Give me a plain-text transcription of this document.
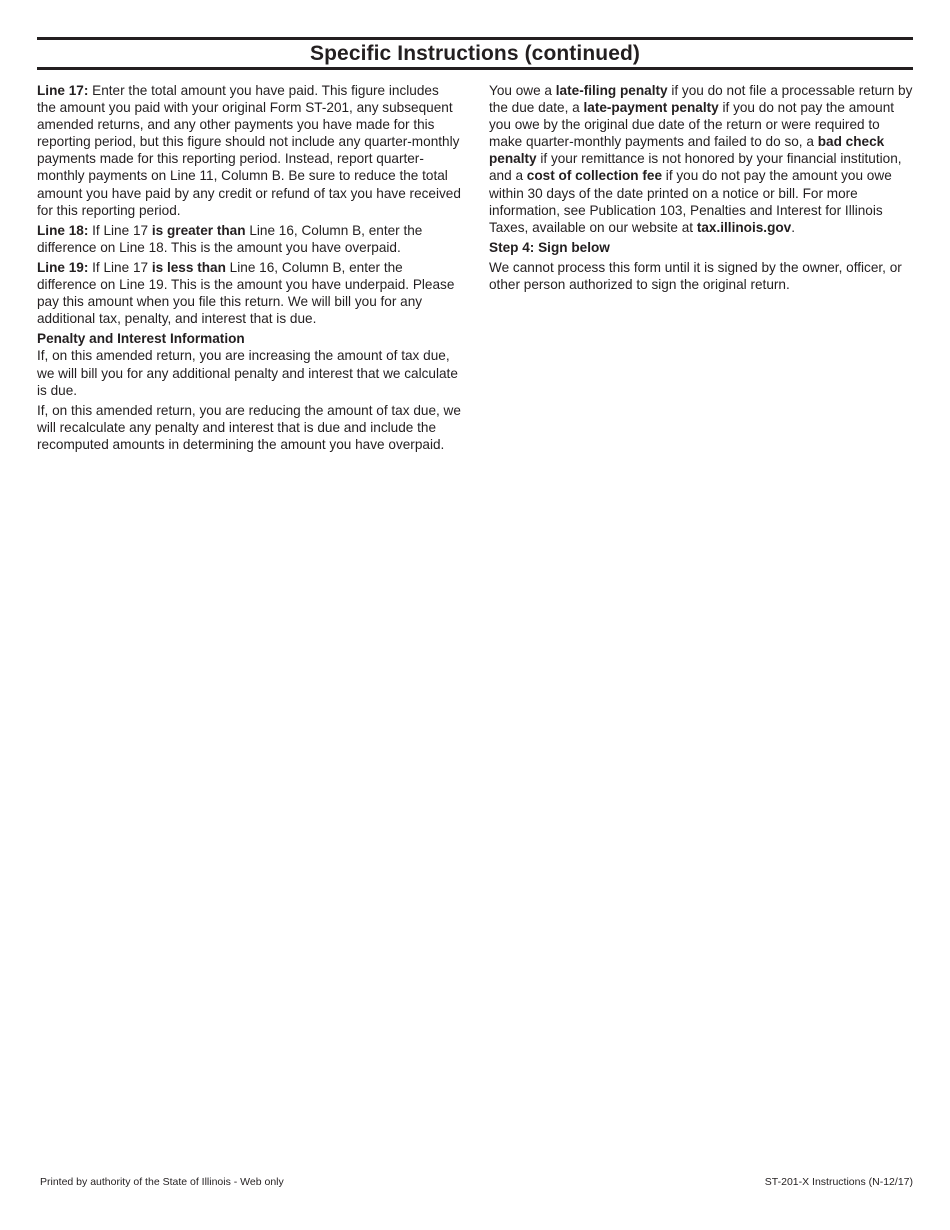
Specific Instructions (continued)

Line 17: Enter the total amount you have paid. This figure includes the amount you paid with your original Form ST-201, any subsequent amended returns, and any other payments you have made for this reporting period, but this figure should not include any quarter-monthly payments made for this reporting period. Instead, report quarter-monthly payments on Line 11, Column B. Be sure to reduce the total amount you have paid by any credit or refund of tax you have received for this reporting period.

Line 18: If Line 17 is greater than Line 16, Column B, enter the difference on Line 18. This is the amount you have overpaid.

Line 19: If Line 17 is less than Line 16, Column B, enter the difference on Line 19. This is the amount you have underpaid. Please pay this amount when you file this return. We will bill you for any additional tax, penalty, and interest that is due.

Penalty and Interest Information

If, on this amended return, you are increasing the amount of tax due, we will bill you for any additional penalty and interest that we calculate is due.

If, on this amended return, you are reducing the amount of tax due, we will recalculate any penalty and interest that is due and include the recomputed amounts in determining the amount you have overpaid.

You owe a late-filing penalty if you do not file a processable return by the due date, a late-payment penalty if you do not pay the amount you owe by the original due date of the return or were required to make quarter-monthly payments and failed to do so, a bad check penalty if your remittance is not honored by your financial institution, and a cost of collection fee if you do not pay the amount you owe within 30 days of the date printed on a notice or bill. For more information, see Publication 103, Penalties and Interest for Illinois Taxes, available on our website at tax.illinois.gov.

Step 4: Sign below

We cannot process this form until it is signed by the owner, officer, or other person authorized to sign the original return.

Printed by authority of the State of Illinois - Web only	ST-201-X Instructions (N-12/17)
